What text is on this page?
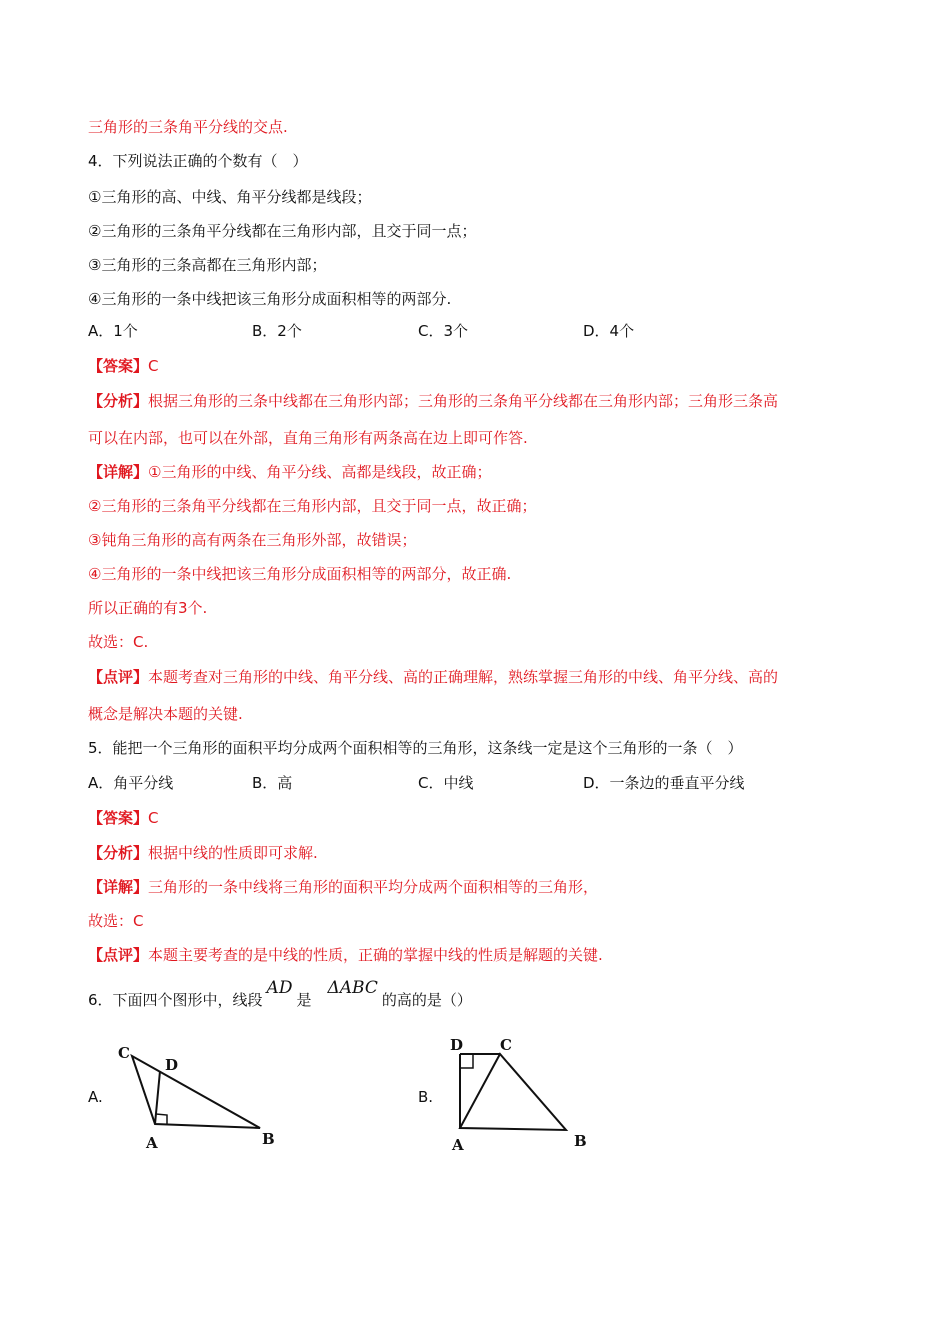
三角形的三条角平分线的交点.
4．下列说法正确的个数有（　）
①三角形的高、中线、角平分线都是线段；
②三角形的三条角平分线都在三角形内部，且交于同一点；
③三角形的三条高都在三角形内部；
④三角形的一条中线把该三角形分成面积相等的两部分.
A．1个	B．2个	C．3个	D．4个
【答案】C
【分析】根据三角形的三条中线都在三角形内部；三角形的三条角平分线都在三角形内部；三角形三条高
可以在内部，也可以在外部，直角三角形有两条高在边上即可作答.
【详解】①三角形的中线、角平分线、高都是线段，故正确；
②三角形的三条角平分线都在三角形内部，且交于同一点，故正确；
③钝角三角形的高有两条在三角形外部，故错误；
④三角形的一条中线把该三角形分成面积相等的两部分，故正确.
所以正确的有3个.
故选：C.
【点评】本题考查对三角形的中线、角平分线、高的正确理解，熟练掌握三角形的中线、角平分线、高的
概念是解决本题的关键.
5．能把一个三角形的面积平均分成两个面积相等的三角形，这条线一定是这个三角形的一条（　）
A．角平分线	B．高	C．中线	D．一条边的垂直平分线
【答案】C
【分析】根据中线的性质即可求解.
【详解】三角形的一条中线将三角形的面积平均分成两个面积相等的三角形，
故选：C
【点评】本题主要考查的是中线的性质，正确的掌握中线的性质是解题的关键.
6．下面四个图形中，线段AD是ΔABC的高的是（）
A.
C
D
A	B
B.
D C
A	B
